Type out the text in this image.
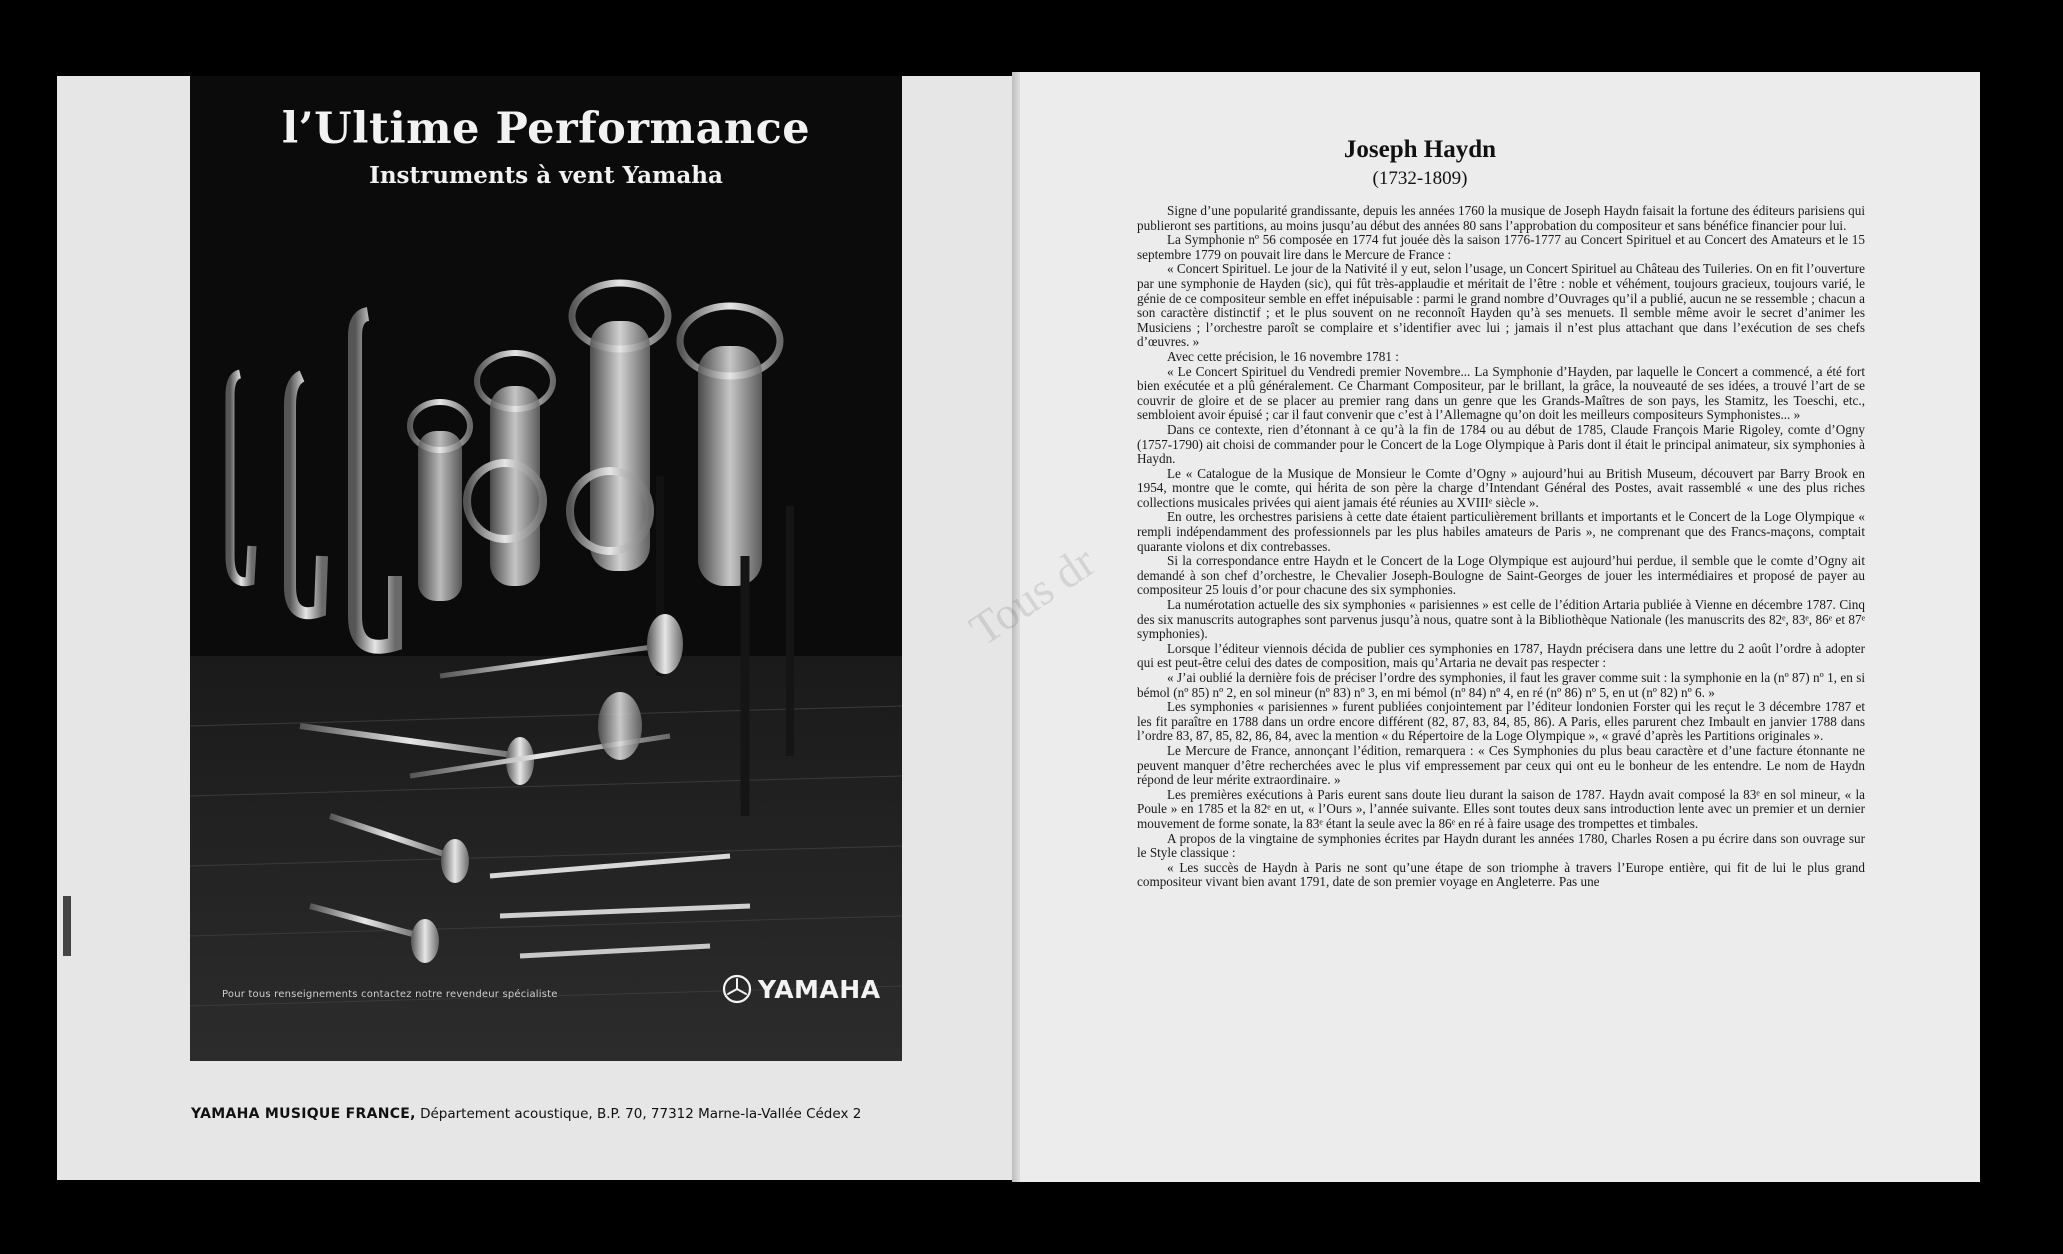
l’Ultime Performance
Instruments à vent Yamaha
Pour tous renseignements contactez notre revendeur spécialiste	YAMAHA
YAMAHA MUSIQUE FRANCE, Département acoustique, B.P. 70, 77312 Marne-la-Vallée Cédex 2
Joseph Haydn
(1732-1809)

Signe d’une popularité grandissante, depuis les années 1760 la musique de Joseph Haydn faisait la fortune des éditeurs parisiens qui publieront ses partitions, au moins jusqu’au début des années 80 sans l’approbation du compositeur et sans bénéfice financier pour lui.

La Symphonie nº 56 composée en 1774 fut jouée dès la saison 1776-1777 au Concert Spirituel et au Concert des Amateurs et le 15 septembre 1779 on pouvait lire dans le Mercure de France :

« Concert Spirituel. Le jour de la Nativité il y eut, selon l’usage, un Concert Spirituel au Château des Tuileries. On en fit l’ouverture par une symphonie de Hayden (sic), qui fût très-applaudie et méritait de l’être : noble et véhément, toujours gracieux, toujours varié, le génie de ce compositeur semble en effet inépuisable : parmi le grand nombre d’Ouvrages qu’il a publié, aucun ne se ressemble ; chacun a son caractère distinctif ; et le plus souvent on ne reconnoît Hayden qu’à ses menuets. Il semble même avoir le secret d’animer les Musiciens ; l’orchestre paroît se complaire et s’identifier avec lui ; jamais il n’est plus attachant que dans l’exécution de ses chefs d’œuvres. »

Avec cette précision, le 16 novembre 1781 :

« Le Concert Spirituel du Vendredi premier Novembre... La Symphonie d’Hayden, par laquelle le Concert a commencé, a été fort bien exécutée et a plû généralement. Ce Charmant Compositeur, par le brillant, la grâce, la nouveauté de ses idées, a trouvé l’art de se couvrir de gloire et de se placer au premier rang dans un genre que les Grands-Maîtres de son pays, les Stamitz, les Toeschi, etc., sembloient avoir épuisé ; car il faut convenir que c’est à l’Allemagne qu’on doit les meilleurs compositeurs Symphonistes... »

Dans ce contexte, rien d’étonnant à ce qu’à la fin de 1784 ou au début de 1785, Claude François Marie Rigoley, comte d’Ogny (1757-1790) ait choisi de commander pour le Concert de la Loge Olympique à Paris dont il était le principal animateur, six symphonies à Haydn.

Le « Catalogue de la Musique de Monsieur le Comte d’Ogny » aujourd’hui au British Museum, découvert par Barry Brook en 1954, montre que le comte, qui hérita de son père la charge d’Intendant Général des Postes, avait rassemblé « une des plus riches collections musicales privées qui aient jamais été réunies au XVIIIᵉ siècle ».

En outre, les orchestres parisiens à cette date étaient particulièrement brillants et importants et le Concert de la Loge Olympique « rempli indépendamment des professionnels par les plus habiles amateurs de Paris », ne comprenant que des Francs-maçons, comptait quarante violons et dix contrebasses.

Si la correspondance entre Haydn et le Concert de la Loge Olympique est aujourd’hui perdue, il semble que le comte d’Ogny ait demandé à son chef d’orchestre, le Chevalier Joseph-Boulogne de Saint-Georges de jouer les intermédiaires et proposé de payer au compositeur 25 louis d’or pour chacune des six symphonies.

La numérotation actuelle des six symphonies « parisiennes » est celle de l’édition Artaria publiée à Vienne en décembre 1787. Cinq des six manuscrits autographes sont parvenus jusqu’à nous, quatre sont à la Bibliothèque Nationale (les manuscrits des 82ᵉ, 83ᵉ, 86ᵉ et 87ᵉ symphonies).

Lorsque l’éditeur viennois décida de publier ces symphonies en 1787, Haydn précisera dans une lettre du 2 août l’ordre à adopter qui est peut-être celui des dates de composition, mais qu’Artaria ne devait pas respecter :

« J’ai oublié la dernière fois de préciser l’ordre des symphonies, il faut les graver comme suit : la symphonie en la (nº 87) nº 1, en si bémol (nº 85) nº 2, en sol mineur (nº 83) nº 3, en mi bémol (nº 84) nº 4, en ré (nº 86) nº 5, en ut (nº 82) nº 6. »

Les symphonies « parisiennes » furent publiées conjointement par l’éditeur londonien Forster qui les reçut le 3 décembre 1787 et les fit paraître en 1788 dans un ordre encore différent (82, 87, 83, 84, 85, 86). A Paris, elles parurent chez Imbault en janvier 1788 dans l’ordre 83, 87, 85, 82, 86, 84, avec la mention « du Répertoire de la Loge Olympique », « gravé d’après les Partitions originales ».

Le Mercure de France, annonçant l’édition, remarquera : « Ces Symphonies du plus beau caractère et d’une facture étonnante ne peuvent manquer d’être recherchées avec le plus vif empressement par ceux qui ont eu le bonheur de les entendre. Le nom de Haydn répond de leur mérite extraordinaire. »

Les premières exécutions à Paris eurent sans doute lieu durant la saison de 1787. Haydn avait composé la 83ᵉ en sol mineur, « la Poule » en 1785 et la 82ᵉ en ut, « l’Ours », l’année suivante. Elles sont toutes deux sans introduction lente avec un premier et un dernier mouvement de forme sonate, la 83ᵉ étant la seule avec la 86ᵉ en ré à faire usage des trompettes et timbales.

A propos de la vingtaine de symphonies écrites par Haydn durant les années 1780, Charles Rosen a pu écrire dans son ouvrage sur le Style classique :

« Les succès de Haydn à Paris ne sont qu’une étape de son triomphe à travers l’Europe entière, qui fit de lui le plus grand compositeur vivant bien avant 1791, date de son premier voyage en Angleterre. Pas une

Tous dr
